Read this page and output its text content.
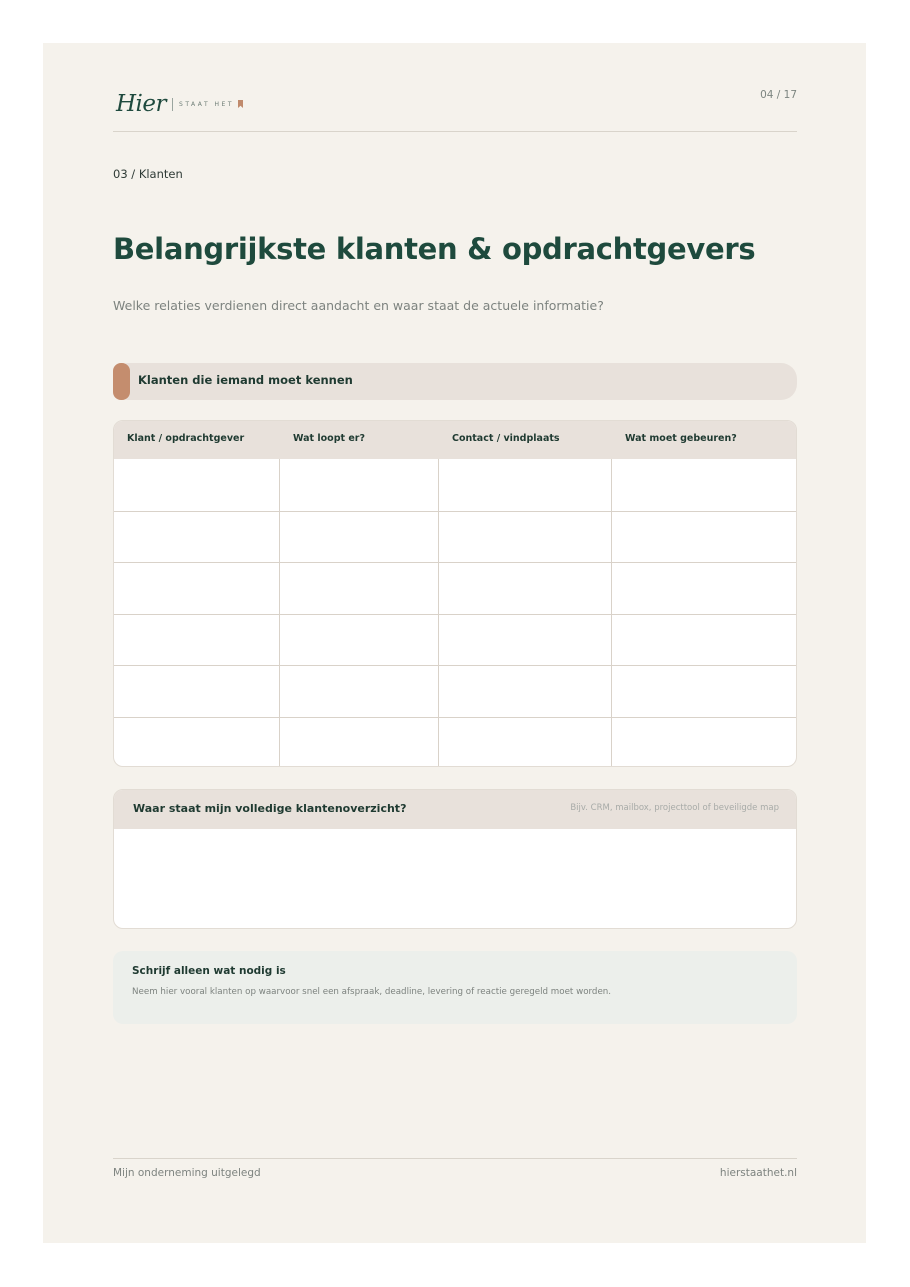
Hier STAAT HET
04 / 17
03 / Klanten
Belangrijkste klanten & opdrachtgevers

Welke relaties verdienen direct aandacht en waar staat de actuele informatie?

Klanten die iemand moet kennen
Klant / opdrachtgever	Wat loopt er?	Contact / vindplaats	Wat moet gebeuren?
Waar staat mijn volledige klantenoverzicht?	Bijv. CRM, mailbox, projecttool of beveiligde map
Schrijf alleen wat nodig is
Neem hier vooral klanten op waarvoor snel een afspraak, deadline, levering of reactie geregeld moet worden.
Mijn onderneming uitgelegd	hierstaathet.nl
